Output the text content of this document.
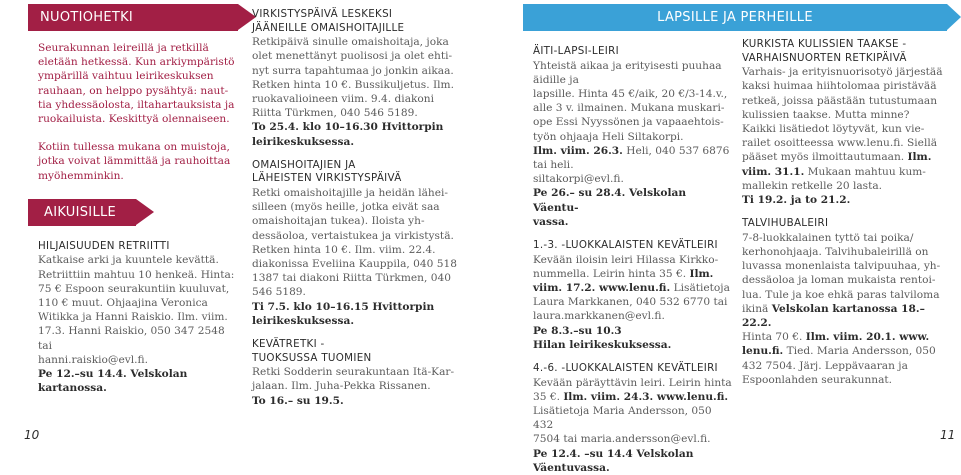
NUOTIOHETKI
Seurakunnan leireillä ja retkillä
eletään hetkessä. Kun arkiympäristö
ympärillä vaihtuu leirikeskuksen
rauhaan, on helppo pysähtyä: naut-
tia yhdessäolosta, iltahartauksista ja
ruokailuista. Keskittyä olennaiseen.
Kotiin tullessa mukana on muistoja,
jotka voivat lämmittää ja rauhoittaa
myöhemminkin.
AIKUISILLE
HILJAISUUDEN RETRIITTI
Katkaise arki ja kuuntele kevättä.
Retriittiin mahtuu 10 henkeä. Hinta:
75 € Espoon seurakuntiin kuuluvat,
110 € muut. Ohjaajina Veronica
Witikka ja Hanni Raiskio. Ilm. viim.
17.3. Hanni Raiskio, 050 347 2548 tai
hanni.raiskio@evl.fi.
Pe 12.–su 14.4. Velskolan kartanossa.
VIRKISTYSPÄIVÄ LESKEKSI
JÄÄNEILLE OMAISHOITAJILLE
Retkipäivä sinulle omaishoitaja, joka
olet menettänyt puolisosi ja olet ehti-
nyt surra tapahtumaa jo jonkin aikaa.
Retken hinta 10 €. Bussikuljetus. Ilm.
ruokavalioineen viim. 9.4. diakoni
Riitta Türkmen, 040 546 5189.
To 25.4. klo 10–16.30 Hvittorpin
leirikeskuksessa.
OMAISHOITAJIEN JA
LÄHEISTEN VIRKISTYSPÄIVÄ
Retki omaishoitajille ja heidän lähei-
silleen (myös heille, jotka eivät saa
omaishoitajan tukea). Iloista yh-
dessäoloa, vertaistukea ja virkistystä.
Retken hinta 10 €. Ilm. viim. 22.4.
diakonissa Eveliina Kauppila, 040 518
1387 tai diakoni Riitta Türkmen, 040
546 5189.
Ti 7.5. klo 10–16.15 Hvittorpin
leirikeskuksessa.
KEVÄTRETKI -
TUOKSUSSA TUOMIEN
Retki Sodderin seurakuntaan Itä-Kar-
jalaan. Ilm. Juha-Pekka Rissanen.
To 16.– su 19.5.
LAPSILLE JA PERHEILLE
ÄITI-LAPSI-LEIRI
Yhteistä aikaa ja erityisesti puuhaa äidille ja
lapsille. Hinta 45 €/aik, 20 €/3-14.v.,
alle 3 v. ilmainen. Mukana muskari-
ope Essi Nyyssönen ja vapaaehtois-
työn ohjaaja Heli Siltakorpi.
Ilm. viim. 26.3. Heli, 040 537 6876 tai heli.
siltakorpi@evl.fi.
Pe 26.– su 28.4. Velskolan Väentu-
vassa.
1.-3. -LUOKKALAISTEN KEVÄTLEIRI
Kevään iloisin leiri Hilassa Kirkko-
nummella. Leirin hinta 35 €. Ilm.
viim. 17.2. www.lenu.fi. Lisätietoja
Laura Markkanen, 040 532 6770 tai
laura.markkanen@evl.fi.
Pe 8.3.–su 10.3
Hilan leirikeskuksessa.
4.-6. -LUOKKALAISTEN KEVÄTLEIRI
Kevään päräyttävin leiri. Leirin hinta
35 €. Ilm. viim. 24.3. www.lenu.fi.
Lisätietoja Maria Andersson, 050 432
7504 tai maria.andersson@evl.fi.
Pe 12.4. –su 14.4 Velskolan
Väentuvassa.
KURKISTA KULISSIEN TAAKSE -
VARHAISNUORTEN RETKIPÄIVÄ
Varhais- ja erityisnuorisotyö järjestää
kaksi huimaa hiihtolomaa piristävää
retkeä, joissa päästään tutustumaan
kulissien taakse. Mutta minne?
Kaikki lisätiedot löytyvät, kun vie-
railet osoitteessa www.lenu.fi. Siellä
pääset myös ilmoittautumaan. Ilm.
viim. 31.1. Mukaan mahtuu kum-
mallekin retkelle 20 lasta.
Ti 19.2. ja to 21.2.
TALVIHUBALEIRI
7-8-luokkalainen tyttö tai poika/
kerhonohjaaja. Talvihubaleirillä on
luvassa monenlaista talvipuuhaa, yh-
dessäoloa ja loman mukaista rentoi-
lua. Tule ja koe ehkä paras talviloma
ikinä Velskolan kartanossa 18.–22.2.
Hinta 70 €. Ilm. viim. 20.1. www.
lenu.fi. Tied. Maria Andersson, 050
432 7504. Järj. Leppävaaran ja
Espoonlahden seurakunnat.
10	11
